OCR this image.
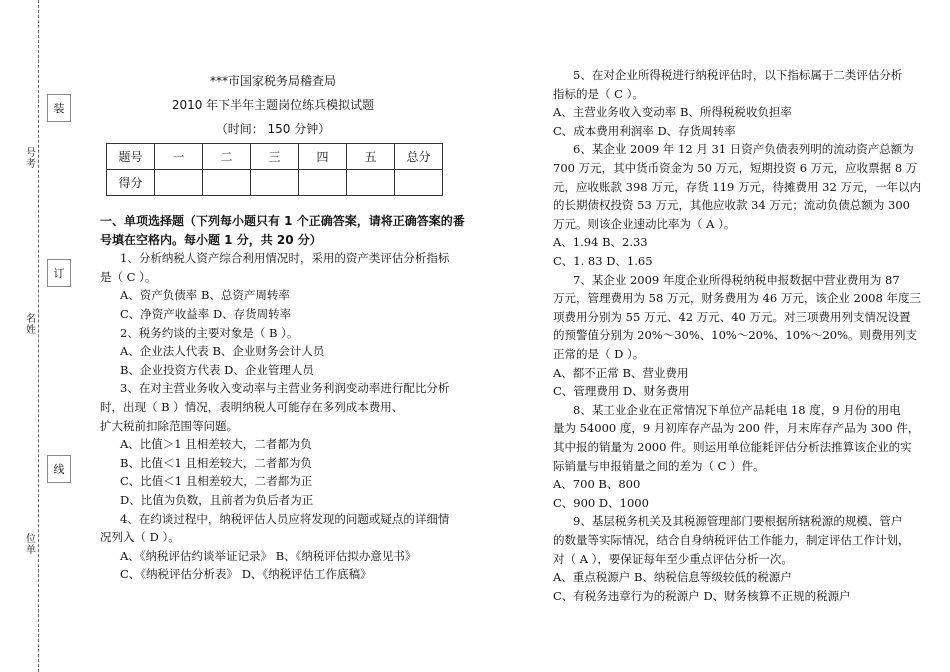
装
订
线
号考
名姓
位单
***市国家税务局稽查局
2010 年下半年主题岗位练兵模拟试题
（时间： 150 分钟）
题号	一	二	三	四	五	总分
得分						
一、单项选择题（下列每小题只有 1 个正确答案，请将正确答案的番
号填在空格内。每小题 1 分，共 20 分）
1、分析纳税人资产综合利用情况时，采用的资产类评估分析指标
是（ C ）。
A、资产负债率 B、总资产周转率
C、净资产收益率 D、存货周转率
2、税务约谈的主要对象是（ B ）。
A、企业法人代表 B、企业财务会计人员
B、企业投资方代表 D、企业管理人员
3、在对主营业务收入变动率与主营业务利润变动率进行配比分析
时，出现（ B ）情况，表明纳税人可能存在多列成本费用、
扩大税前扣除范围等问题。
A、比值＞1 且相差较大，二者都为负
B、比值＜1 且相差较大，二者都为负
C、比值＜1 且相差较大，二者都为正
D、比值为负数，且前者为负后者为正
4、在约谈过程中，纳税评估人员应将发现的问题或疑点的详细情
况列入（ D ）。
A、《纳税评估约谈举证记录》 B、《纳税评估拟办意见书》
C、《纳税评估分析表》 D、《纳税评估工作底稿》
5、在对企业所得税进行纳税评估时，以下指标属于二类评估分析
指标的是（ C ）。
A、主营业务收入变动率 B、所得税税收负担率
C、成本费用利润率 D、存货周转率
6、某企业 2009 年 12 月 31 日资产负债表列明的流动资产总额为
700 万元，其中货币资金为 50 万元，短期投资 6 万元，应收票据 8 万
元，应收账款 398 万元，存货 119 万元，待摊费用 32 万元，一年以内
的长期债权投资 53 万元，其他应收款 34 万元；流动负债总额为 300
万元。则该企业速动比率为（ A ）。
A、1.94 B、2.33
C、1. 83 D、1.65
7、某企业 2009 年度企业所得税纳税申报数据中营业费用为 87
万元，管理费用为 58 万元，财务费用为 46 万元，该企业 2008 年度三
项费用分别为 55 万元、42 万元、40 万元。对三项费用列支情况设置
的预警值分别为 20%～30%、10%～20%、10%～20%。则费用列支
正常的是（ D ）。
A、都不正常 B、营业费用
C、管理费用 D、财务费用
8、某工业企业在正常情况下单位产品耗电 18 度，9 月份的用电
量为 54000 度，9 月初库存产品为 200 件，月末库存产品为 300 件，
其中报的销量为 2000 件。则运用单位能耗评估分析法推算该企业的实
际销量与申报销量之间的差为（ C ）件。
A、700 B、800
C、900 D、1000
9、基层税务机关及其税源管理部门要根据所辖税源的规模、管户
的数量等实际情况，结合自身纳税评估工作能力，制定评估工作计划，
对（ A ），要保证每年至少重点评估分析一次。
A、重点税源户 B、纳税信息等级较低的税源户
C、有税务违章行为的税源户 D、财务核算不正规的税源户
